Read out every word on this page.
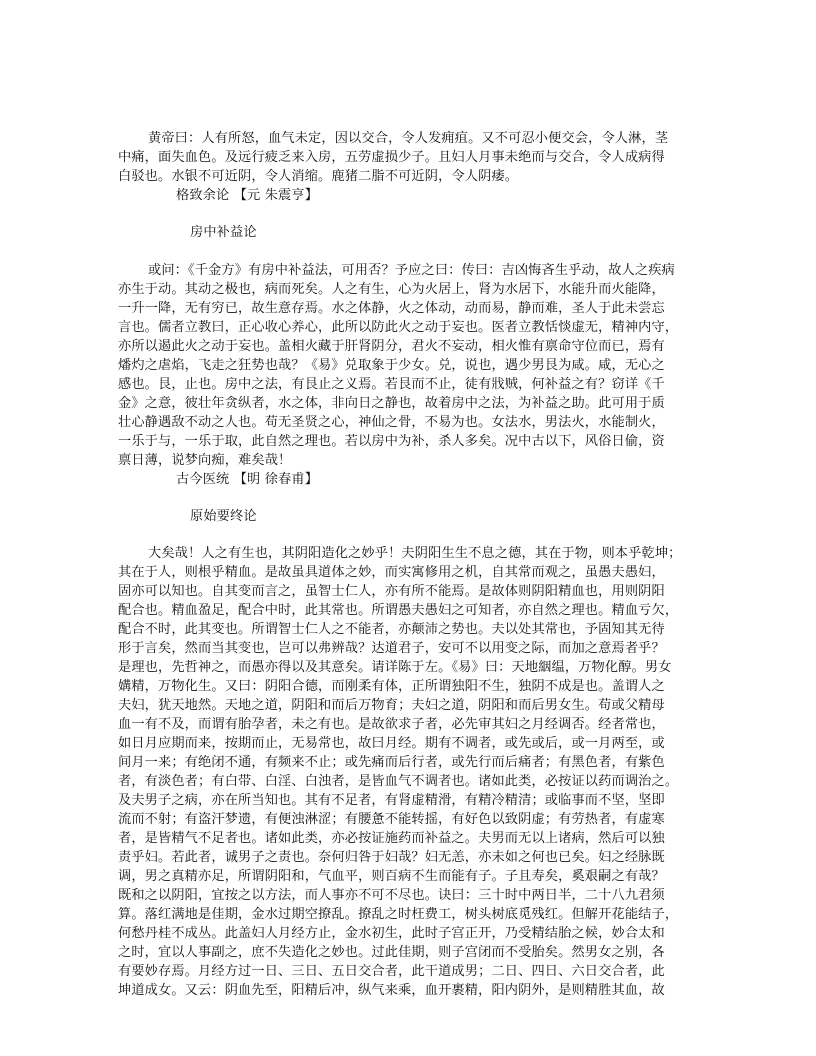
黄帝曰：人有所怒，血气未定，因以交合，令人发痈疽。又不可忍小便交会，令人淋，茎
中痛，面失血色。及远行疲乏来入房，五劳虚损少子。且妇人月事未绝而与交合，令人成病得
白驳也。水银不可近阴，令人消缩。鹿猪二脂不可近阴，令人阴痿。
格致余论 【元 朱震亨】
房中补益论
或问：《千金方》有房中补益法，可用否？予应之曰：传曰：吉凶悔吝生乎动，故人之疾病
亦生于动。其动之极也，病而死矣。人之有生，心为火居上，肾为水居下，水能升而火能降，
一升一降，无有穷已，故生意存焉。水之体静，火之体动，动而易，静而难，圣人于此未尝忘
言也。儒者立教曰，正心收心养心，此所以防此火之动于妄也。医者立教恬惔虚无，精神内守，
亦所以遏此火之动于妄也。盖相火藏于肝肾阴分，君火不妄动，相火惟有禀命守位而已，焉有
燔灼之虐焰，飞走之狂势也哉？《易》兑取象于少女。兑，说也，遇少男艮为咸。咸，无心之
感也。艮，止也。房中之法，有艮止之义焉。若艮而不止，徒有戕贼，何补益之有？窃详《千
金》之意，彼壮年贪纵者，水之体，非向日之静也，故着房中之法，为补益之助。此可用于质
壮心静遇敌不动之人也。苟无圣贤之心，神仙之骨，不易为也。女法水，男法火，水能制火，
一乐于与，一乐于取，此自然之理也。若以房中为补，杀人多矣。况中古以下，风俗日偷，资
禀日薄，说梦向痴，难矣哉！
古今医统 【明 徐春甫】
原始要终论
大矣哉！人之有生也，其阴阳造化之妙乎！夫阴阳生生不息之德，其在于物，则本乎乾坤；
其在于人，则根乎精血。是故虽具道体之妙，而实寓修用之机，自其常而观之，虽愚夫愚妇，
固亦可以知也。自其变而言之，虽智士仁人，亦有所不能焉。是故体则阴阳精血也，用则阴阳
配合也。精血盈足，配合中时，此其常也。所谓愚夫愚妇之可知者，亦自然之理也。精血亏欠，
配合不时，此其变也。所谓智士仁人之不能者，亦颠沛之势也。夫以处其常也，予固知其无待
形于言矣，然而当其变也，岂可以弗辨哉？达道君子，安可不以用变之际，而加之意焉者乎？
是理也，先哲神之，而愚亦得以及其意矣。请详陈于左。《易》曰：天地絪缊，万物化醇。男女
媾精，万物化生。又曰：阴阳合德，而刚柔有体，正所谓独阳不生，独阴不成是也。盖谓人之
夫妇，犹天地然。天地之道，阴阳和而后万物育；夫妇之道，阴阳和而后男女生。苟或父精母
血一有不及，而谓有胎孕者，未之有也。是故欲求子者，必先审其妇之月经调否。经者常也，
如日月应期而来，按期而止，无易常也，故曰月经。期有不调者，或先或后，或一月两至，或
间月一来；有绝闭不通，有频来不止；或先痛而后行者，或先行而后痛者；有黑色者，有紫色
者，有淡色者；有白带、白淫、白浊者，是皆血气不调者也。诸如此类，必按证以药而调治之。
及夫男子之病，亦在所当知也。其有不足者，有肾虚精滑，有精冷精清；或临事而不坚，坚即
流而不射；有盗汗梦遗，有便浊淋涩；有腰惫不能转摇，有好色以致阴虚；有劳热者，有虚寒
者，是皆精气不足者也。诸如此类，亦必按证施药而补益之。夫男而无以上诸病，然后可以独
责乎妇。若此者，诚男子之责也。奈何归咎于妇哉？妇无恙，亦未如之何也已矣。妇之经脉既
调，男之真精亦足，所谓阴阳和，气血平，则百病不生而能有子。子且寿矣，奚艰嗣之有哉？
既和之以阴阳，宜按之以方法，而人事亦不可不尽也。诀曰：三十时中两日半，二十八九君须
算。落红满地是佳期，金水过期空撩乱。撩乱之时枉费工，树头树底觅残红。但解开花能结子，
何愁丹桂不成丛。此盖妇人月经方止，金水初生，此时子宫正开，乃受精结胎之候，妙合太和
之时，宜以人事副之，庶不失造化之妙也。过此佳期，则子宫闭而不受胎矣。然男女之别，各
有要妙存焉。月经方过一日、三日、五日交合者，此干道成男；二日、四日、六日交合者，此
坤道成女。又云：阴血先至，阳精后冲，纵气来乘，血开裹精，阳内阴外，是则精胜其血，故
